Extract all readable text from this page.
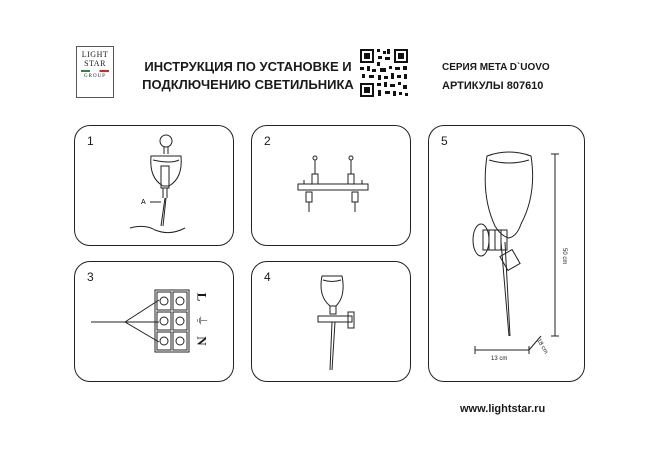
LIGHT
STAR
GROUP
ИНСТРУКЦИЯ ПО УСТАНОВКЕ И
ПОДКЛЮЧЕНИЮ СВЕТИЛЬНИКА
СЕРИЯ META D`UOVO
АРТИКУЛЫ 807610
1
A
2
3
L
⏚
N
4
5
50 cm
13 cm
18 cm
www.lightstar.ru
